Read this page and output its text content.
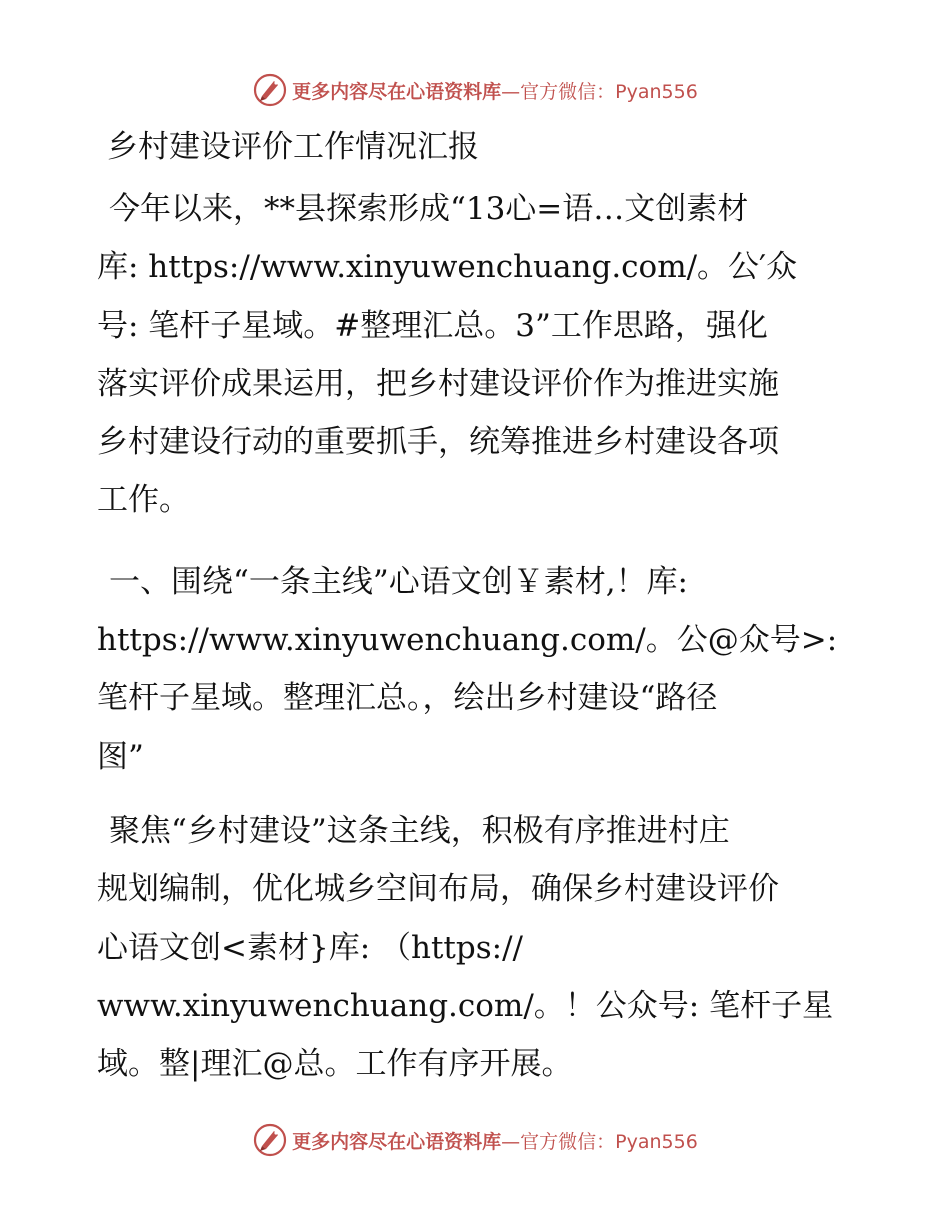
更多内容尽在心语资料库—官方微信：Pyan556
乡村建设评价工作情况汇报
今年以来，**县探索形成“13心=语…文创素材
库: https://www.xinyuwenchuang.com/。公′众
号: 笔杆子星域。#整理汇总。3”工作思路，强化
落实评价成果运用，把乡村建设评价作为推进实施
乡村建设行动的重要抓手，统筹推进乡村建设各项
工作。
一、围绕“一条主线”心语文创￥素材,！库:
https://www.xinyuwenchuang.com/。公@众号>:
笔杆子星域。整理汇总。，绘出乡村建设“路径
图”
聚焦“乡村建设”这条主线，积极有序推进村庄
规划编制，优化城乡空间布局，确保乡村建设评价
心语文创<素材}库: （https://
www.xinyuwenchuang.com/。！公众号: 笔杆子星
域。整|理汇@总。工作有序开展。
更多内容尽在心语资料库—官方微信：Pyan556
